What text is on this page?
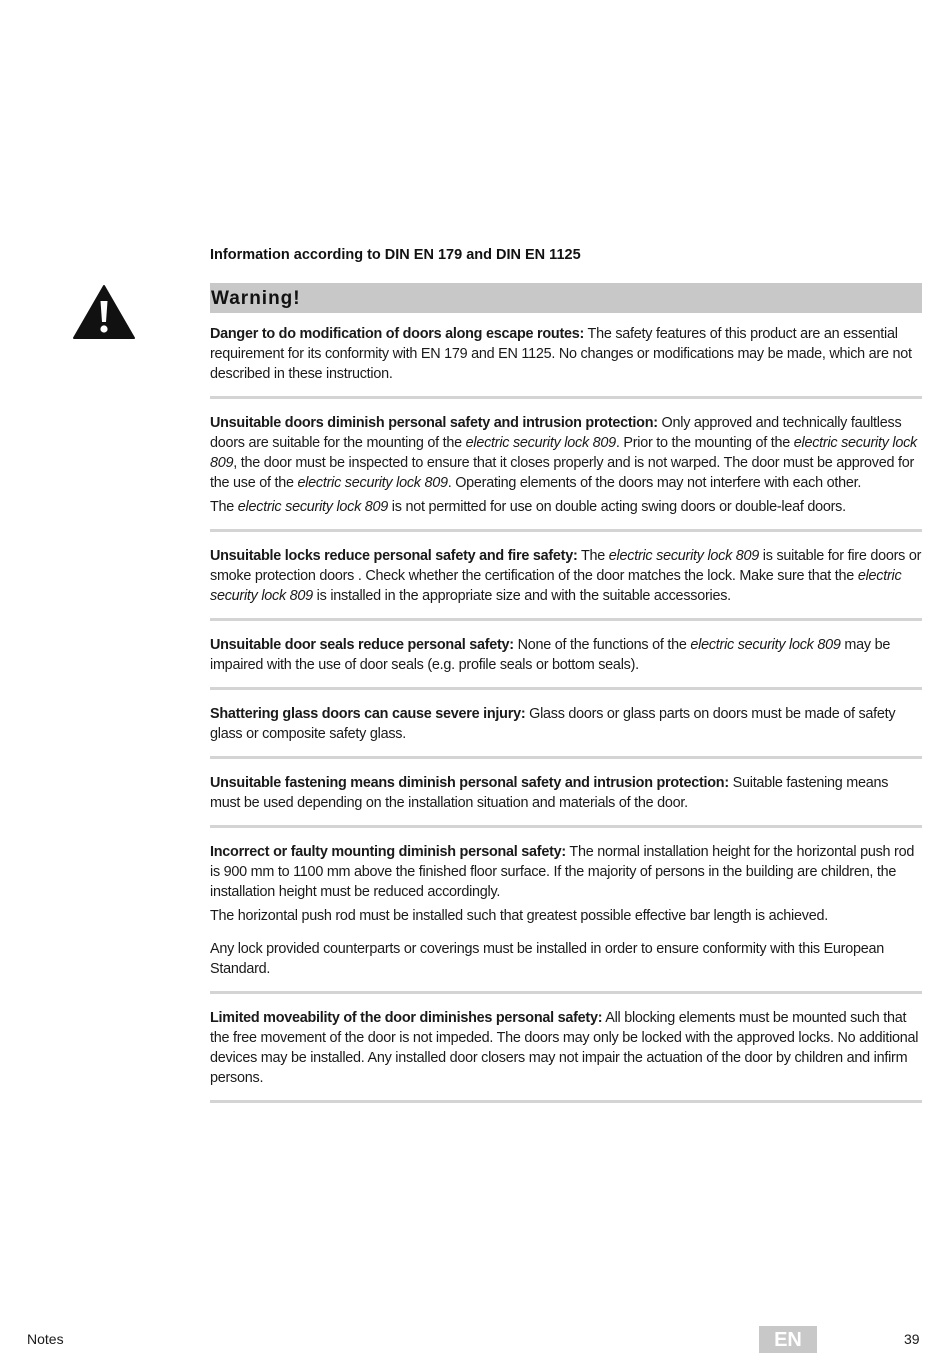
Information according to DIN EN 179 and DIN EN 1125
Warning!

Danger to do modification of doors along escape routes: The safety features of this product are an essential requirement for its conformity with EN 179 and EN 1125. No changes or modifications may be made, which are not described in these instruction.

Unsuitable doors diminish personal safety and intrusion protection: Only approved and technically faultless doors are suitable for the mounting of the electric security lock 809. Prior to the mounting of the electric security lock 809, the door must be inspected to ensure that it closes properly and is not warped. The door must be approved for the use of the electric security lock 809. Operating elements of the doors may not interfere with each other.

The electric security lock 809 is not permitted for use on double acting swing doors or double-leaf doors.

Unsuitable locks reduce personal safety and fire safety: The electric security lock 809 is suitable for fire doors or smoke protection doors . Check whether the certification of the door matches the lock. Make sure that the electric security lock 809 is installed in the appropriate size and with the suitable accessories.

Unsuitable door seals reduce personal safety: None of the functions of the electric security lock 809 may be impaired with the use of door seals (e.g. profile seals or bottom seals).

Shattering glass doors can cause severe injury: Glass doors or glass parts on doors must be made of safety glass or composite safety glass.

Unsuitable fastening means diminish personal safety and intrusion protection: Suitable fastening means must be used depending on the installation situation and materials of the door.

Incorrect or faulty mounting diminish personal safety: The normal installation height for the horizontal push rod is 900 mm to 1100 mm above the finished floor surface. If the majority of persons in the building are children, the installation height must be reduced accordingly.

The horizontal push rod must be installed such that greatest possible effective bar length is achieved.

Any lock provided counterparts or coverings must be installed in order to ensure conformity with this European Standard.

Limited moveability of the door diminishes personal safety: All blocking elements must be mounted such that the free movement of the door is not impeded. The doors may only be locked with the approved locks. No additional devices may be installed. Any installed door closers may not impair the actuation of the door by children and infirm persons.

Notes	EN	39
